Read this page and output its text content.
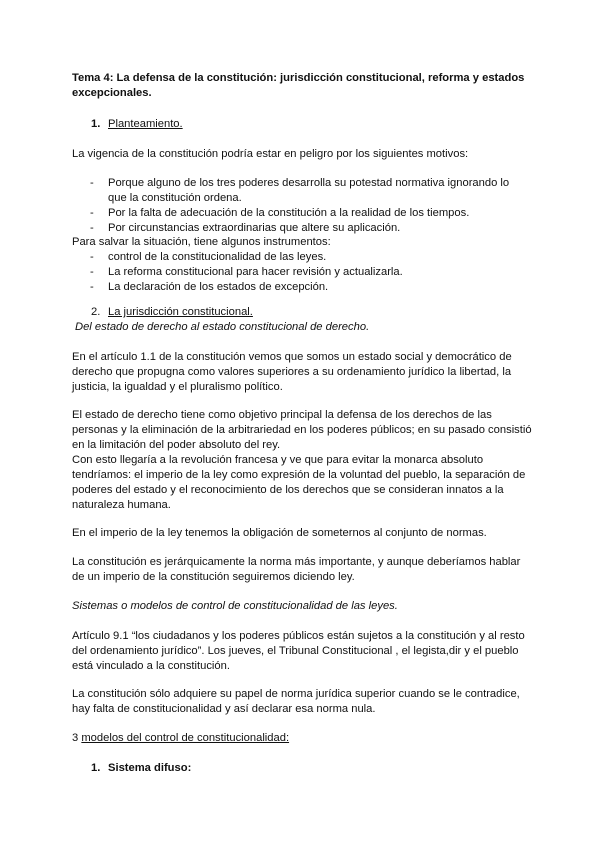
Tema 4: La defensa de la constitución: jurisdicción constitucional, reforma y estados excepcionales.

1. Planteamiento.

La vigencia de la constitución podría estar en peligro por los siguientes motivos:

- Porque alguno de los tres poderes desarrolla su potestad normativa ignorando lo que la constitución ordena.
- Por la falta de adecuación de la constitución a la realidad de los tiempos.
- Por circunstancias extraordinarias que altere su aplicación.

Para salvar la situación, tiene algunos instrumentos:

- control de la constitucionalidad de las leyes.
- La reforma constitucional para hacer revisión y actualizarla.
- La declaración de los estados de excepción.
2. La jurisdicción constitucional.

Del estado de derecho al estado constitucional de derecho.

En el artículo 1.1 de la constitución vemos que somos un estado social y democrático de derecho que propugna como valores superiores a su ordenamiento jurídico la libertad, la justicia, la igualdad y el pluralismo político.

El estado de derecho tiene como objetivo principal la defensa de los derechos de las personas y la eliminación de la arbitrariedad en los poderes públicos; en su pasado consistió en la limitación del poder absoluto del rey.

Con esto llegaría a la revolución francesa y ve que para evitar la monarca absoluto tendríamos: el imperio de la ley como expresión de la voluntad del pueblo, la separación de poderes del estado y el reconocimiento de los derechos que se consideran innatos a la naturaleza humana.

En el imperio de la ley tenemos la obligación de someternos al conjunto de normas.

La constitución es jerárquicamente la norma más importante, y aunque deberíamos hablar de un imperio de la constitución seguiremos diciendo ley.

Sistemas o modelos de control de constitucionalidad de las leyes.

Artículo 9.1 “los ciudadanos y los poderes públicos están sujetos a la constitución y al resto del ordenamiento jurídico”. Los jueves, el Tribunal Constitucional , el legista,dir y el pueblo está vinculado a la constitución.

La constitución sólo adquiere su papel de norma jurídica superior cuando se le contradice, hay falta de constitucionalidad y así declarar esa norma nula.

3 modelos del control de constitucionalidad:

1. Sistema difuso:
